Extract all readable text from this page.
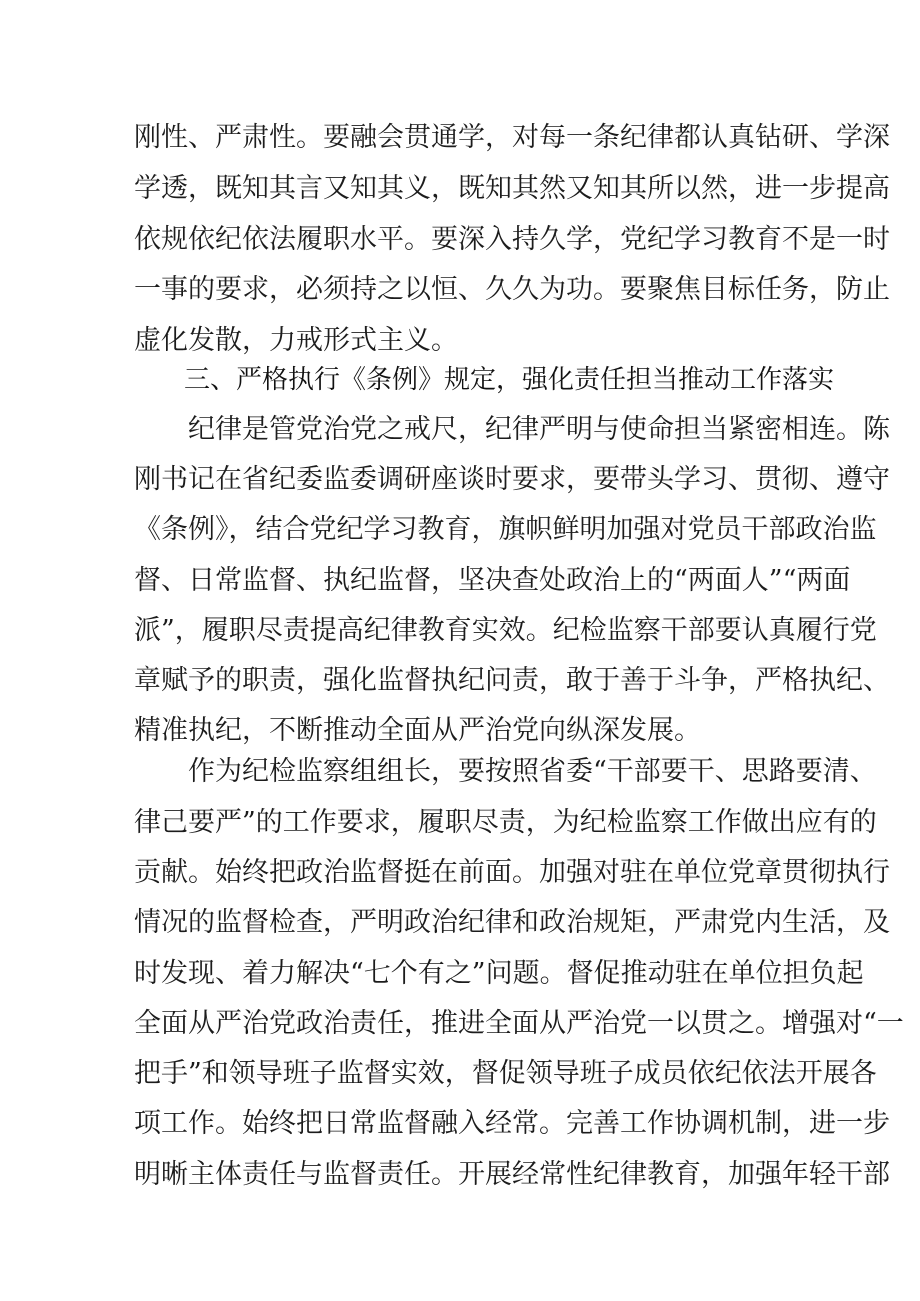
刚性、严肃性。要融会贯通学，对每一条纪律都认真钻研、学深
学透，既知其言又知其义，既知其然又知其所以然，进一步提高
依规依纪依法履职水平。要深入持久学，党纪学习教育不是一时
一事的要求，必须持之以恒、久久为功。要聚焦目标任务，防止
虚化发散，力戒形式主义。
三、严格执行《条例》规定，强化责任担当推动工作落实
纪律是管党治党之戒尺，纪律严明与使命担当紧密相连。陈
刚书记在省纪委监委调研座谈时要求，要带头学习、贯彻、遵守
《条例》，结合党纪学习教育，旗帜鲜明加强对党员干部政治监
督、日常监督、执纪监督，坚决查处政治上的“两面人”“两面
派”，履职尽责提高纪律教育实效。纪检监察干部要认真履行党
章赋予的职责，强化监督执纪问责，敢于善于斗争，严格执纪、
精准执纪，不断推动全面从严治党向纵深发展。
作为纪检监察组组长，要按照省委“干部要干、思路要清、
律己要严”的工作要求，履职尽责，为纪检监察工作做出应有的
贡献。始终把政治监督挺在前面。加强对驻在单位党章贯彻执行
情况的监督检查，严明政治纪律和政治规矩，严肃党内生活，及
时发现、着力解决“七个有之”问题。督促推动驻在单位担负起
全面从严治党政治责任，推进全面从严治党一以贯之。增强对“一
把手”和领导班子监督实效，督促领导班子成员依纪依法开展各
项工作。始终把日常监督融入经常。完善工作协调机制，进一步
明晰主体责任与监督责任。开展经常性纪律教育，加强年轻干部
